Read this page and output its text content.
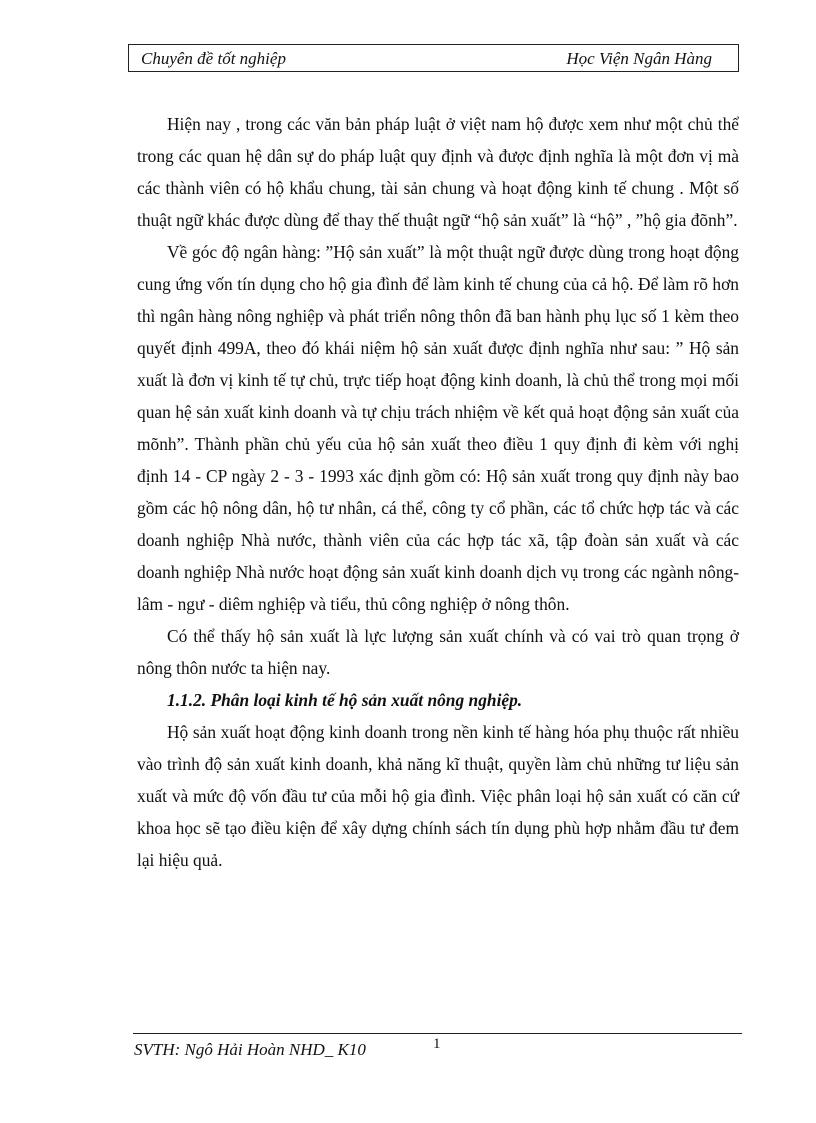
Chuyên đề tốt nghiệp	Học Viện Ngân Hàng

Hiện nay , trong các văn bản pháp luật ở việt nam hộ được xem như một chủ thể trong các quan hệ dân sự do pháp luật quy định và được định nghĩa là một đơn vị mà các thành viên có hộ khẩu chung, tài sản chung và hoạt động kinh tế chung . Một số thuật ngữ khác được dùng để thay thế thuật ngữ “hộ sản xuất” là “hộ” , ”hộ gia đõnh”.

Về góc độ ngân hàng: ”Hộ sản xuất” là một thuật ngữ được dùng trong hoạt động cung ứng vốn tín dụng cho hộ gia đình để làm kinh tế chung của cả hộ. Để làm rõ hơn thì ngân hàng nông nghiệp và phát triển nông thôn đã ban hành phụ lục số 1 kèm theo quyết định 499A, theo đó khái niệm hộ sản xuất được định nghĩa như sau: ” Hộ sản xuất là đơn vị kinh tế tự chủ, trực tiếp hoạt động kinh doanh, là chủ thể trong mọi mối quan hệ sản xuất kinh doanh và tự chịu trách nhiệm về kết quả hoạt động sản xuất của mõnh”. Thành phần chủ yếu của hộ sản xuất theo điều 1 quy định đi kèm với nghị định 14 - CP ngày 2 - 3 - 1993 xác định gồm có: Hộ sản xuất trong quy định này bao gồm các hộ nông dân, hộ tư nhân, cá thể, công ty cổ phần, các tổ chức hợp tác và các doanh nghiệp Nhà nước, thành viên của các hợp tác xã, tập đoàn sản xuất và các doanh nghiệp Nhà nước hoạt động sản xuất kinh doanh dịch vụ trong các ngành nông- lâm - ngư - diêm nghiệp và tiểu, thủ công nghiệp ở nông thôn.

Có thể thấy hộ sản xuất là lực lượng sản xuất chính và có vai trò quan trọng ở nông thôn nước ta hiện nay.

1.1.2. Phân loại kinh tế hộ sản xuất nông nghiệp.

Hộ sản xuất hoạt động kinh doanh trong nền kinh tế hàng hóa phụ thuộc rất nhiều vào trình độ sản xuất kinh doanh, khả năng kĩ thuật, quyền làm chủ những tư liệu sản xuất và mức độ vốn đầu tư của mỗi hộ gia đình. Việc phân loại hộ sản xuất có căn cứ khoa học sẽ tạo điều kiện để xây dựng chính sách tín dụng phù hợp nhằm đầu tư đem lại hiệu quả.

SVTH: Ngô Hải Hoàn NHD_ K10	1
